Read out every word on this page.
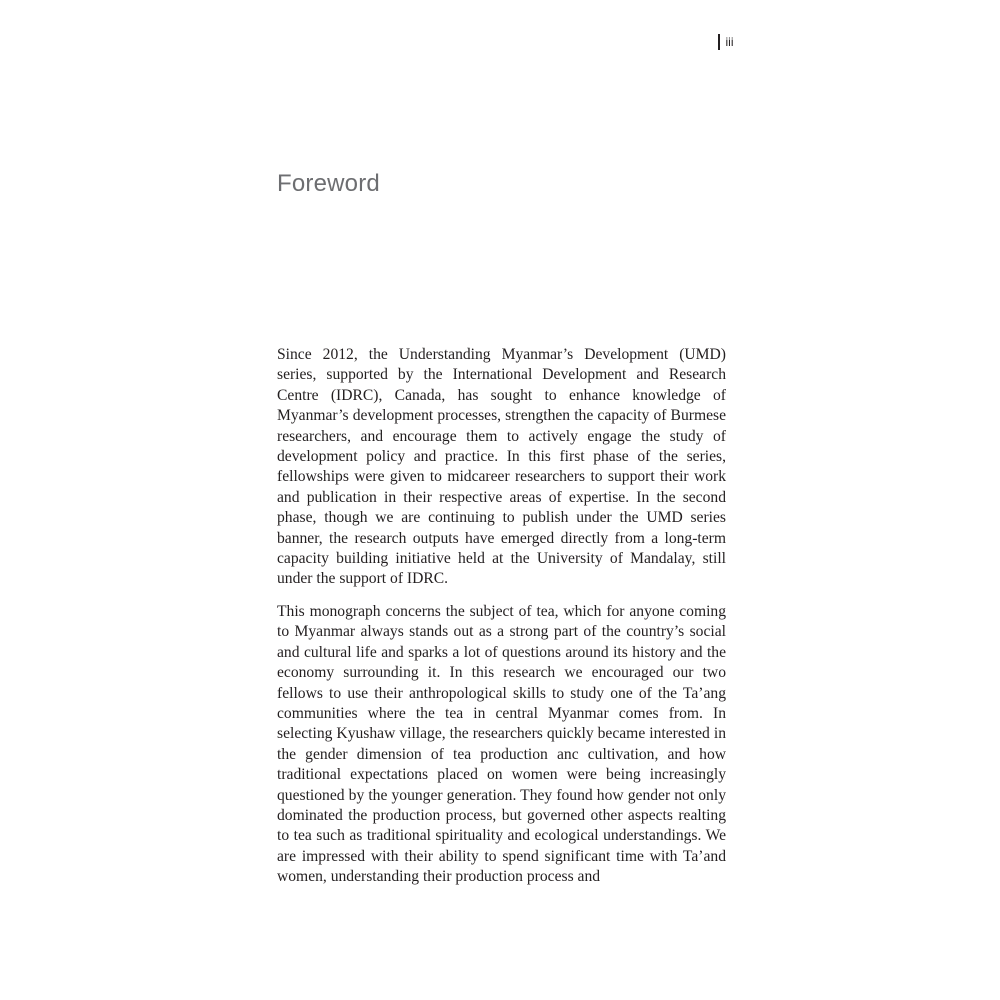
iii
Foreword

Since 2012, the Understanding Myanmar’s Development (UMD) series, supported by the International Development and Research Centre (IDRC), Canada, has sought to enhance knowledge of Myanmar’s development processes, strengthen the capacity of Burmese researchers, and encourage them to actively engage the study of development policy and practice. In this first phase of the series, fellowships were given to midcareer researchers to support their work and publication in their respective areas of expertise. In the second phase, though we are continuing to publish under the UMD series banner, the research outputs have emerged directly from a long-term capacity building initiative held at the University of Mandalay, still under the support of IDRC.

This monograph concerns the subject of tea, which for anyone coming to Myanmar always stands out as a strong part of the country’s social and cultural life and sparks a lot of questions around its history and the economy surrounding it. In this research we encouraged our two fellows to use their anthropological skills to study one of the Ta’ang communities where the tea in central Myanmar comes from. In selecting Kyushaw village, the researchers quickly became interested in the gender dimension of tea production anc cultivation, and how traditional expectations placed on women were being increasingly questioned by the younger generation. They found how gender not only dominated the production process, but governed other aspects realting to tea such as traditional spirituality and ecological understandings. We are impressed with their ability to spend significant time with Ta’and women, understanding their production process and
